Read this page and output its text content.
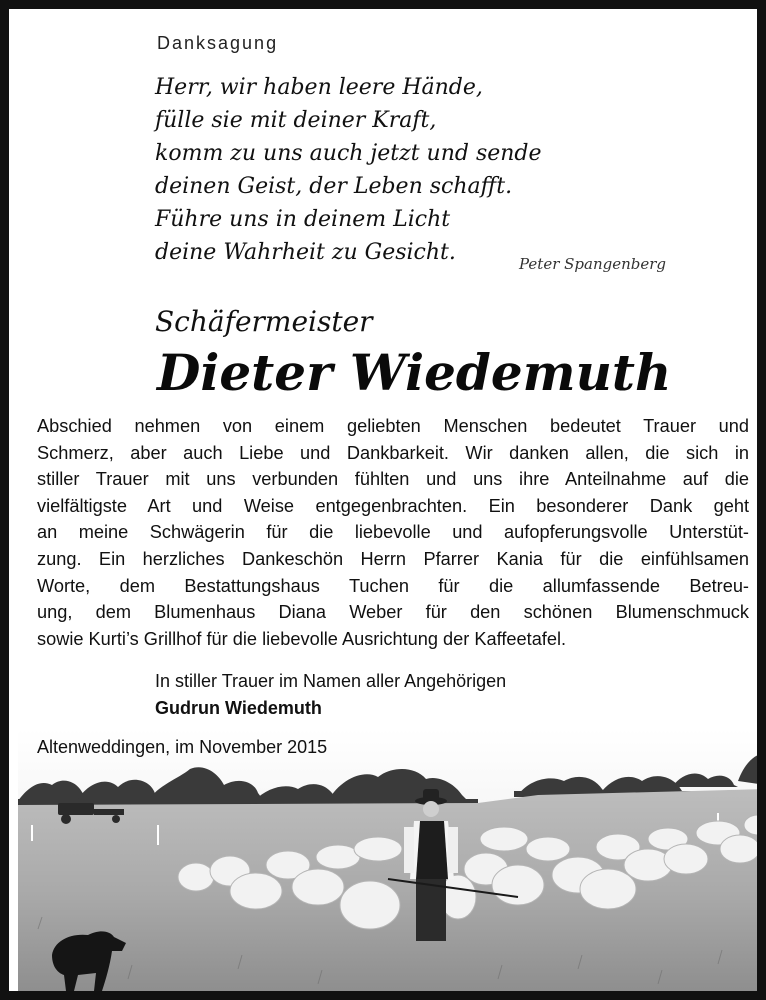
Danksagung
Herr, wir haben leere Hände,
fülle sie mit deiner Kraft,
komm zu uns auch jetzt und sende
deinen Geist, der Leben schafft.
Führe uns in deinem Licht
deine Wahrheit zu Gesicht.	Peter Spangenberg
Schäfermeister
Dieter Wiedemuth
Abschied nehmen von einem geliebten Menschen bedeutet Trauer und
Schmerz, aber auch Liebe und Dankbarkeit. Wir danken allen, die sich in
stiller Trauer mit uns verbunden fühlten und uns ihre Anteilnahme auf die
vielfältigste Art und Weise entgegenbrachten. Ein besonderer Dank geht
an meine Schwägerin für die liebevolle und aufopferungsvolle Unterstüt-
zung. Ein herzliches Dankeschön Herrn Pfarrer Kania für die einfühlsamen
Worte, dem Bestattungshaus Tuchen für die allumfassende Betreu-
ung, dem Blumenhaus Diana Weber für den schönen Blumenschmuck
sowie Kurti’s Grillhof für die liebevolle Ausrichtung der Kaffeetafel.
In stiller Trauer im Namen aller Angehörigen
Gudrun Wiedemuth
Altenweddingen, im November 2015
